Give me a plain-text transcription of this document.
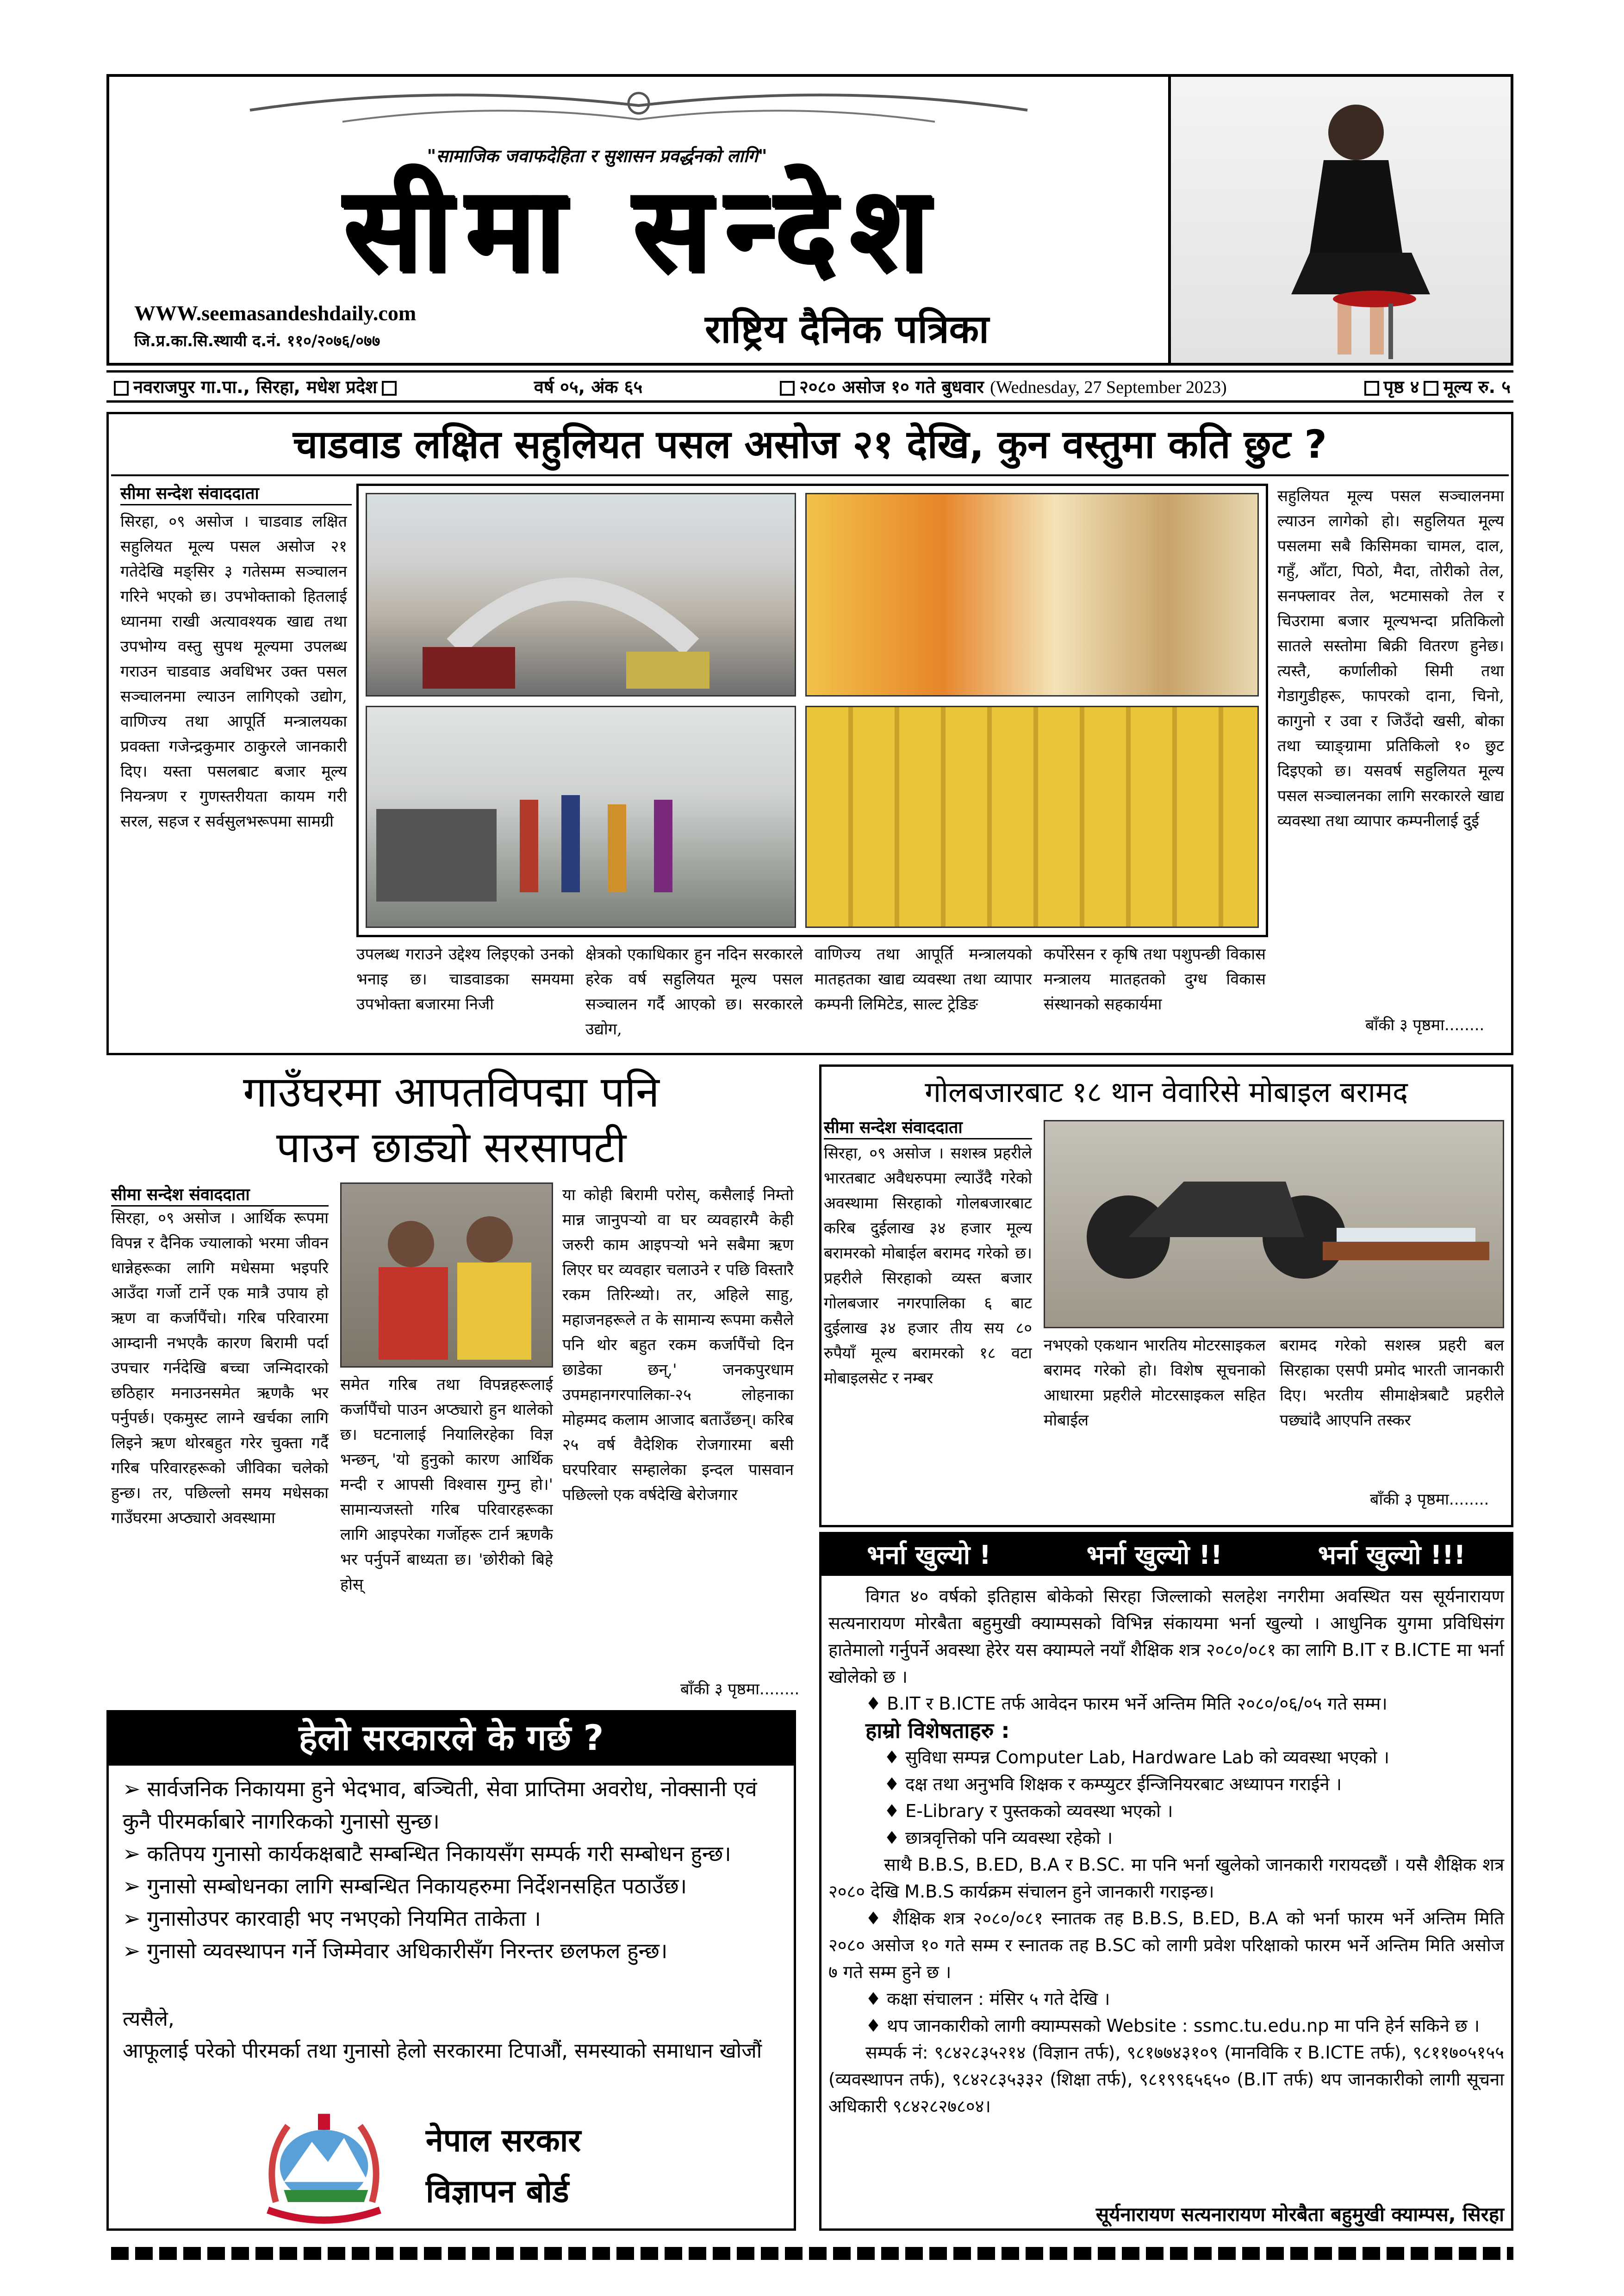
"सामाजिक जवाफदेहिता र सुशासन प्रवर्द्धनको लागि"
सीमा सन्देश
WWW.seemasandeshdaily.com
जि.प्र.का.सि.स्थायी द.नं. ११०/२०७६/०७७	राष्ट्रिय दैनिक पत्रिका
नवराजपुर गा.पा., सिरहा, मधेश प्रदेश	वर्ष ०५, अंक ६५	२०८० असोज १० गते बुधवार (Wednesday, 27 September 2023)	पृष्ठ ४ मूल्य रु. ५
चाडवाड लक्षित सहुलियत पसल असोज २१ देखि, कुन वस्तुमा कति छुट ?
सीमा सन्देश संवाददाता
सिरहा, ०९ असोज । चाडवाड लक्षित सहुलियत मूल्य पसल असोज २१ गतेदेखि मङ्सिर ३ गतेसम्म सञ्चालन गरिने भएको छ। उपभोक्ताको हितलाई ध्यानमा राखी अत्यावश्यक खाद्य तथा उपभोग्य वस्तु सुपथ मूल्यमा उपलब्ध गराउन चाडवाड अवधिभर उक्त पसल सञ्चालनमा ल्याउन लागिएको उद्योग, वाणिज्य तथा आपूर्ति मन्त्रालयका प्रवक्ता गजेन्द्रकुमार ठाकुरले जानकारी दिए। यस्ता पसलबाट बजार मूल्य नियन्त्रण र गुणस्तरीयता कायम गरी सरल, सहज र सर्वसुलभरूपमा सामग्री
सहुलियत मूल्य पसल सञ्चालनमा ल्याउन लागेको हो। सहुलियत मूल्य पसलमा सबै किसिमका चामल, दाल, गहुँ, आँटा, पिठो, मैदा, तोरीको तेल, सनफ्लावर तेल, भटमासको तेल र चिउरामा बजार मूल्यभन्दा प्रतिकिलो सातले सस्तोमा बिक्री वितरण हुनेछ। त्यस्तै, कर्णालीको सिमी तथा गेडागुडीहरू, फापरको दाना, चिनो, कागुनो र उवा र जिउँदो खसी, बोका तथा च्याङ्ग्रामा प्रतिकिलो १० छुट दिइएको छ। यसवर्ष सहुलियत मूल्य पसल सञ्चालनका लागि सरकारले खाद्य व्यवस्था तथा व्यापार कम्पनीलाई दुई
बाँकी ३ पृष्ठमा........
उपलब्ध गराउने उद्देश्य लिइएको उनको भनाइ छ। चाडवाडका समयमा उपभोक्ता बजारमा निजी
क्षेत्रको एकाधिकार हुन नदिन सरकारले हरेक वर्ष सहुलियत मूल्य पसल सञ्चालन गर्दै आएको छ। सरकारले उद्योग,
वाणिज्य तथा आपूर्ति मन्त्रालयको मातहतका खाद्य व्यवस्था तथा व्यापार कम्पनी लिमिटेड, साल्ट ट्रेडिङ
कर्पोरेसन र कृषि तथा पशुपन्छी विकास मन्त्रालय मातहतको दुग्ध विकास संस्थानको सहकार्यमा
गाउँघरमा आपतविपद्मा पनि
पाउन छाड्यो सरसापटी
सीमा सन्देश संवाददाता
सिरहा, ०९ असोज । आर्थिक रूपमा विपन्न र दैनिक ज्यालाको भरमा जीवन धान्नेहरूका लागि मधेसमा भइपरि आउँदा गर्जो टार्ने एक मात्रै उपाय हो ऋण वा कर्जापैंचो। गरिब परिवारमा आम्दानी नभएकै कारण बिरामी पर्दा उपचार गर्नदेखि बच्चा जन्मिदारको छठिहार मनाउनसमेत ऋणकै भर पर्नुपर्छ। एकमुस्ट लाग्ने खर्चका लागि लिइने ऋण थोरबहुत गरेर चुक्ता गर्दै गरिब परिवारहरूको जीविका चलेको हुन्छ। तर, पछिल्लो समय मधेसका गाउँघरमा अप्ठ्यारो अवस्थामा
समेत गरिब तथा विपन्नहरूलाई कर्जापैंचो पाउन अप्ठ्यारो हुन थालेको छ। घटनालाई नियालिरहेका विज्ञ भन्छन्, 'यो हुनुको कारण आर्थिक मन्दी र आपसी विश्वास गुम्नु हो।' सामान्यजस्तो गरिब परिवारहरूका लागि आइपरेका गर्जोहरू टार्न ऋणकै भर पर्नुपर्ने बाध्यता छ। 'छोरीको बिहे होस्
या कोही बिरामी परोस्, कसैलाई निम्तो मान्न जानुपर्‍यो वा घर व्यवहारमै केही जरुरी काम आइपर्‍यो भने सबैमा ऋण लिएर घर व्यवहार चलाउने र पछि विस्तारै रकम तिरिन्थ्यो। तर, अहिले साहु, महाजनहरूले त के सामान्य रूपमा कसैले पनि थोर बहुत रकम कर्जापैंचो दिन छाडेका छन्,' जनकपुरधाम उपमहानगरपालिका-२५ लोहनाका मोहम्मद कलाम आजाद बताउँछन्। करिब २५ वर्ष वैदेशिक रोजगारमा बसी घरपरिवार सम्हालेका इन्दल पासवान पछिल्लो एक वर्षदेखि बेरोजगार
बाँकी ३ पृष्ठमा........
गोलबजारबाट १८ थान वेवारिसे मोबाइल बरामद
सीमा सन्देश संवाददाता
सिरहा, ०९ असोज । सशस्त्र प्रहरीले भारतबाट अवैधरुपमा ल्याउँदै गरेको अवस्थामा सिरहाको गोलबजारबाट करिब दुईलाख ३४ हजार मूल्य बरामरको मोबाईल बरामद गरेको छ। प्रहरीले सिरहाको व्यस्त बजार गोलबजार नगरपालिका ६ बाट दुईलाख ३४ हजार तीय सय ८० रुपैयाँ मूल्य बरामरको १८ वटा मोबाइलसेट र नम्बर
नभएको एकथान भारतिय मोटरसाइकल बरामद गरेको हो। विशेष सूचनाको आधारमा प्रहरीले मोटरसाइकल सहित मोबाईल
बरामद गरेको सशस्त्र प्रहरी बल सिरहाका एसपी प्रमोद भारती जानकारी दिए। भरतीय सीमाक्षेत्रबाटै प्रहरीले पछ्यांदै आएपनि तस्कर
बाँकी ३ पृष्ठमा........
हेलो सरकारले के गर्छ ?
➢ सार्वजनिक निकायमा हुने भेदभाव, बञ्चिती, सेवा प्राप्तिमा अवरोध, नोक्सानी एवं कुनै पीरमर्काबारे नागरिकको गुनासो सुन्छ।
➢ कतिपय गुनासो कार्यकक्षबाटै सम्बन्धित निकायसँग सम्पर्क गरी सम्बोधन हुन्छ।
➢ गुनासो सम्बोधनका लागि सम्बन्धित निकायहरुमा निर्देशनसहित पठाउँछ।
➢ गुनासोउपर कारवाही भए नभएको नियमित ताकेता ।
➢ गुनासो व्यवस्थापन गर्ने जिम्मेवार अधिकारीसँग निरन्तर छलफल हुन्छ।
त्यसैले,
आफूलाई परेको पीरमर्का तथा गुनासो हेलो सरकारमा टिपाऔं, समस्याको समाधान खोजौं
नेपाल सरकार
विज्ञापन बोर्ड
भर्ना खुल्यो !	भर्ना खुल्यो !!	भर्ना खुल्यो !!!
विगत ४० वर्षको इतिहास बोकेको सिरहा जिल्लाको सलहेश नगरीमा अवस्थित यस सूर्यनारायण सत्यनारायण मोरबैता बहुमुखी क्याम्पसको विभिन्न संकायमा भर्ना खुल्यो । आधुनिक युगमा प्रविधिसंग हातेमालो गर्नुपर्ने अवस्था हेरेर यस क्याम्पले नयाँ शैक्षिक शत्र २०८०/०८१ का लागि B.IT र B.ICTE मा भर्ना खोलेको छ ।
♦ B.IT र B.ICTE तर्फ आवेदन फारम भर्ने अन्तिम मिति २०८०/०६/०५ गते सम्म।
हाम्रो विशेषताहरु :
♦ सुविधा सम्पन्न Computer Lab, Hardware Lab को व्यवस्था भएको ।
♦ दक्ष तथा अनुभवि शिक्षक र कम्प्युटर ईन्जिनियरबाट अध्यापन गराईने ।
♦ E-Library र पुस्तकको व्यवस्था भएको ।
♦ छात्रवृत्तिको पनि व्यवस्था रहेको ।
साथै B.B.S, B.ED, B.A र B.SC. मा पनि भर्ना खुलेको जानकारी गरायदछौं । यसै शैक्षिक शत्र २०८० देखि M.B.S कार्यक्रम संचालन हुने जानकारी गराइन्छ।
♦ शैक्षिक शत्र २०८०/०८१ स्नातक तह B.B.S, B.ED, B.A को भर्ना फारम भर्ने अन्तिम मिति २०८० असोज १० गते सम्म र स्नातक तह B.SC को लागी प्रवेश परिक्षाको फारम भर्ने अन्तिम मिति असोज ७ गते सम्म हुने छ ।
♦ कक्षा संचालन : मंसिर ५ गते देखि ।
♦ थप जानकारीको लागी क्याम्पसको Website : ssmc.tu.edu.np मा पनि हेर्न सकिने छ ।
सम्पर्क नं: ९८४२८३५२१४ (विज्ञान तर्फ), ९८१७७४३१०९ (मानविकि र B.ICTE तर्फ), ९८११७०५१५५ (व्यवस्थापन तर्फ), ९८४२८३५३३२ (शिक्षा तर्फ), ९८१९९६५६५० (B.IT तर्फ) थप जानकारीको लागी सूचना अधिकारी ९८४२८२७८०४।
सूर्यनारायण सत्यनारायण मोरबैता बहुमुखी क्याम्पस, सिरहा
